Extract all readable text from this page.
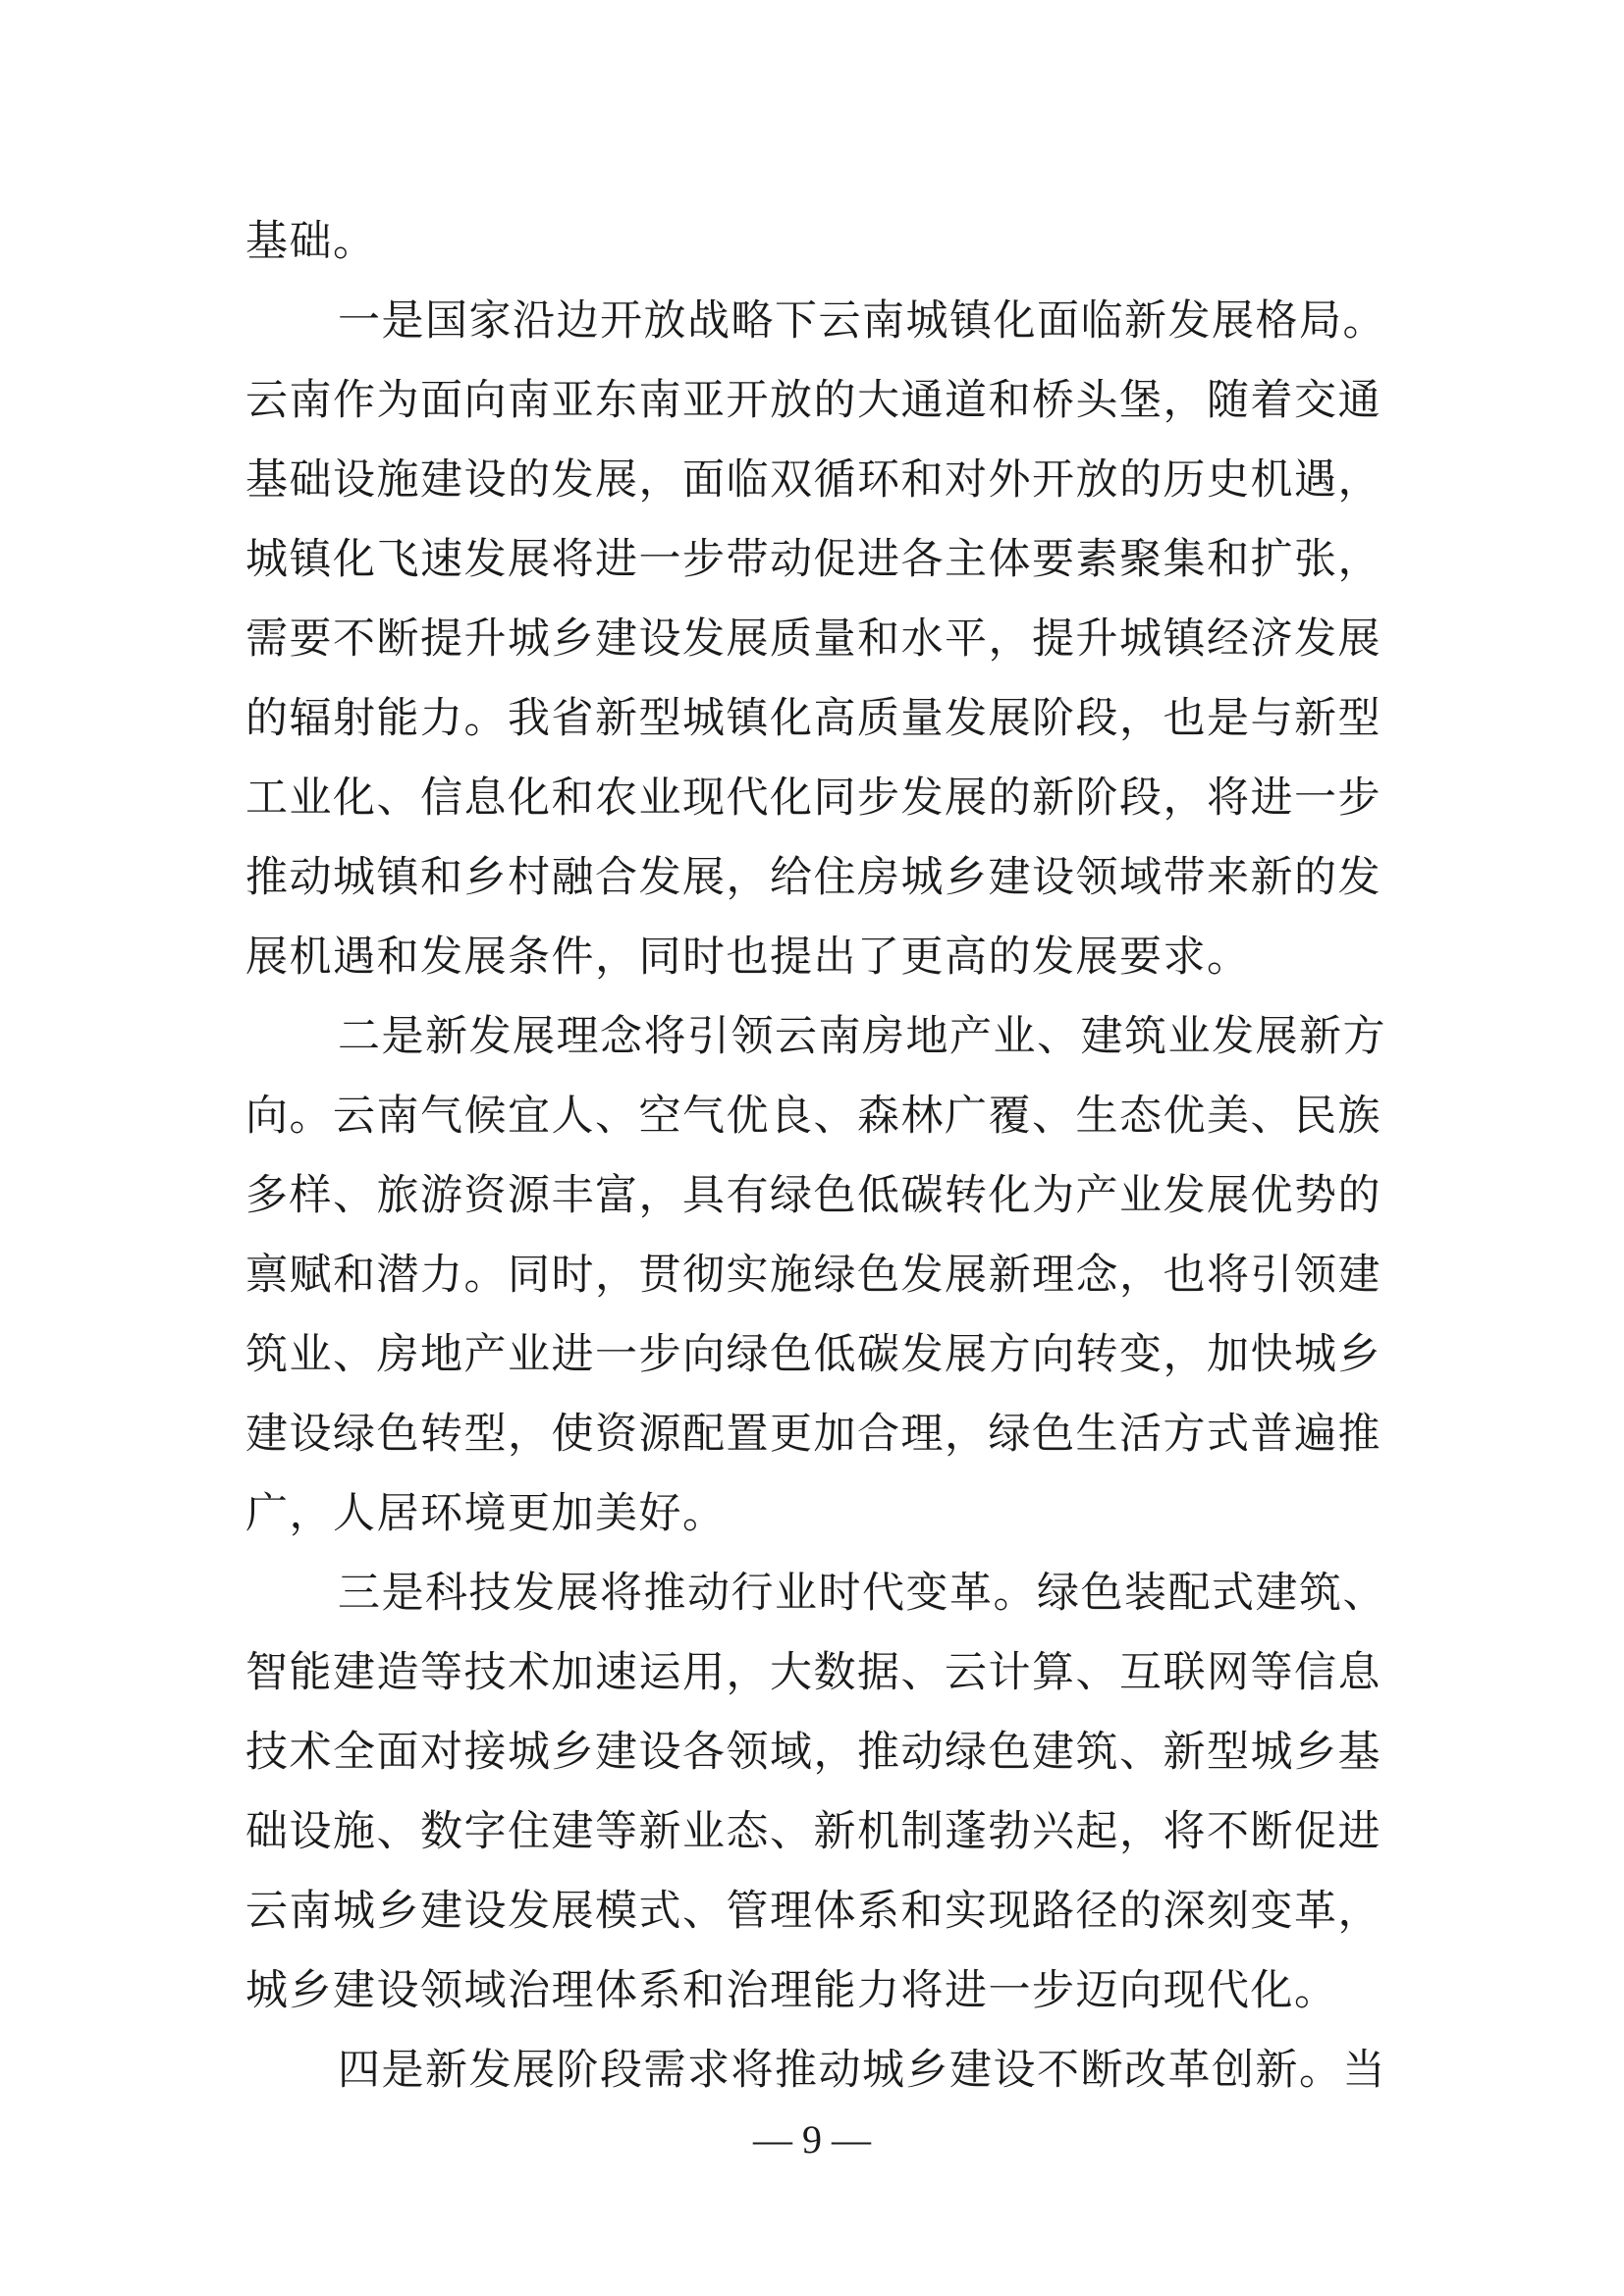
基础。
一是国家沿边开放战略下云南城镇化面临新发展格局。
云南作为面向南亚东南亚开放的大通道和桥头堡，随着交通
基础设施建设的发展，面临双循环和对外开放的历史机遇，
城镇化飞速发展将进一步带动促进各主体要素聚集和扩张，
需要不断提升城乡建设发展质量和水平，提升城镇经济发展
的辐射能力。我省新型城镇化高质量发展阶段，也是与新型
工业化、信息化和农业现代化同步发展的新阶段，将进一步
推动城镇和乡村融合发展，给住房城乡建设领域带来新的发
展机遇和发展条件，同时也提出了更高的发展要求。
二是新发展理念将引领云南房地产业、建筑业发展新方
向。云南气候宜人、空气优良、森林广覆、生态优美、民族
多样、旅游资源丰富，具有绿色低碳转化为产业发展优势的
禀赋和潜力。同时，贯彻实施绿色发展新理念，也将引领建
筑业、房地产业进一步向绿色低碳发展方向转变，加快城乡
建设绿色转型，使资源配置更加合理，绿色生活方式普遍推
广，人居环境更加美好。
三是科技发展将推动行业时代变革。绿色装配式建筑、
智能建造等技术加速运用，大数据、云计算、互联网等信息
技术全面对接城乡建设各领域，推动绿色建筑、新型城乡基
础设施、数字住建等新业态、新机制蓬勃兴起，将不断促进
云南城乡建设发展模式、管理体系和实现路径的深刻变革，
城乡建设领域治理体系和治理能力将进一步迈向现代化。
四是新发展阶段需求将推动城乡建设不断改革创新。当
— 9 —
